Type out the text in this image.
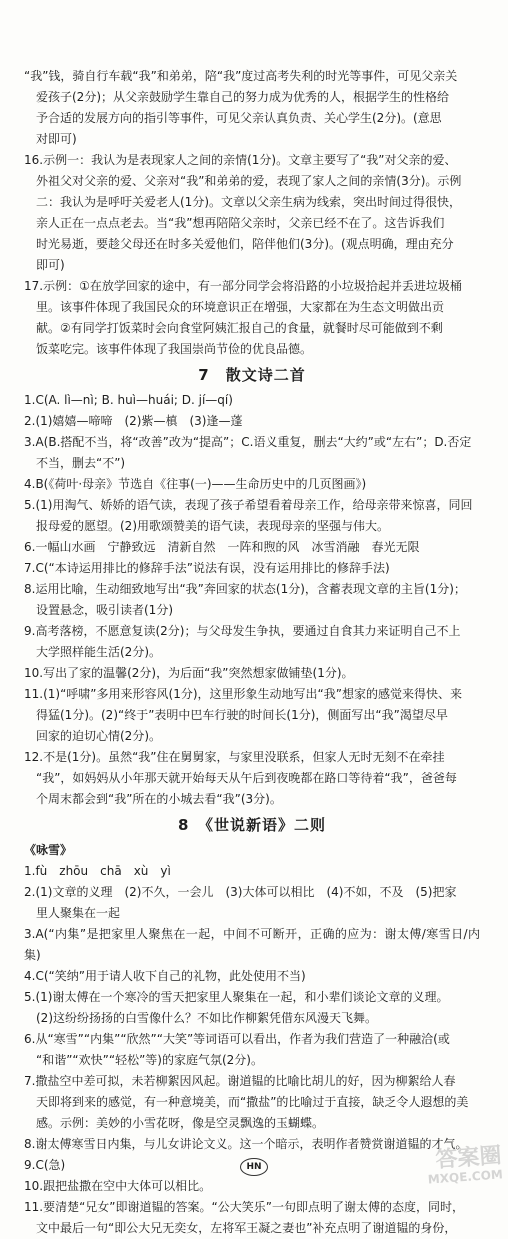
“我”钱，骑自行车载“我”和弟弟，陪“我”度过高考失利的时光等事件，可见父亲关

爱孩子(2分)；从父亲鼓励学生靠自己的努力成为优秀的人，根据学生的性格给

予合适的发展方向的指引等事件，可见父亲认真负责、关心学生(2分)。(意思

对即可)

16.示例一：我认为是表现家人之间的亲情(1分)。文章主要写了“我”对父亲的爱、

外祖父对父亲的爱、父亲对“我”和弟弟的爱，表现了家人之间的亲情(3分)。示例

二：我认为是呼吁关爱老人(1分)。文章以父亲生病为线索，突出时间过得很快，

亲人正在一点点老去。当“我”想再陪陪父亲时，父亲已经不在了。这告诉我们

时光易逝，要趁父母还在时多关爱他们，陪伴他们(3分)。(观点明确，理由充分

即可)

17.示例：①在放学回家的途中，有一部分同学会将沿路的小垃圾拾起并丢进垃圾桶

里。该事件体现了我国民众的环境意识正在增强，大家都在为生态文明做出贡

献。②有同学打饭菜时会向食堂阿姨汇报自己的食量，就餐时尽可能做到不剩

饭菜吃完。该事件体现了我国崇尚节俭的优良品德。

7　散文诗二首

1.C(A. lì—nì; B. huì—huái; D. jí—qí)

2.(1)嬉嬉—啼啼　(2)紫—槙　(3)逢—蓬

3.A(B.搭配不当，将“改善”改为“提高”；C.语义重复，删去“大约”或“左右”；D.否定

不当，删去“不”)

4.B(《荷叶·母亲》节选自《往事(一)——生命历史中的几页图画》)

5.(1)用淘气、娇娇的语气读，表现了孩子希望看着母亲工作，给母亲带来惊喜，同回

报母爱的愿望。(2)用歌颂赞美的语气读，表现母亲的坚强与伟大。

6.一幅山水画　宁静致远　清新自然　一阵和煦的风　冰雪消融　春光无限

7.C(“本诗运用排比的修辞手法”说法有误，没有运用排比的修辞手法)

8.运用比喻，生动细致地写出“我”奔回家的状态(1分)，含蓄表现文章的主旨(1分)；

设置悬念，吸引读者(1分)

9.高考落榜，不愿意复读(2分)；与父母发生争执，要通过自食其力来证明自己不上

大学照样能生活(2分)。

10.写出了家的温馨(2分)，为后面“我”突然想家做铺垫(1分)。

11.(1)“呼啸”多用来形容风(1分)，这里形象生动地写出“我”想家的感觉来得快、来

得猛(1分)。(2)“终于”表明中巴车行驶的时间长(1分)，侧面写出“我”渴望尽早

回家的迫切心情(2分)。

12.不是(1分)。虽然“我”住在舅舅家，与家里没联系，但家人无时无刻不在牵挂

“我”，如妈妈从小年那天就开始每天从午后到夜晚都在路口等待着“我”，爸爸每

个周末都会到“我”所在的小城去看“我”(3分)。

8　《世说新语》二则

《咏雪》

1.fù　zhōu　chā　xù　yì

2.(1)文章的义理　(2)不久，一会儿　(3)大体可以相比　(4)不如，不及　(5)把家

里人聚集在一起

3.A(“内集”是把家里人聚焦在一起，中间不可断开，正确的应为：谢太傅/寒雪日/内集)

4.C(“笑纳”用于请人收下自己的礼物，此处使用不当)

5.(1)谢太傅在一个寒冷的雪天把家里人聚集在一起，和小辈们谈论文章的义理。

(2)这纷纷扬扬的白雪像什么？不如比作柳絮凭借东风漫天飞舞。

6.从“寒雪”“内集”“欣然”“大笑”等词语可以看出，作者为我们营造了一种融洽(或

“和谐”“欢快”“轻松”等)的家庭气氛(2分)。

7.撒盐空中差可拟，未若柳絮因风起。谢道韫的比喻比胡儿的好，因为柳絮给人春

天即将到来的感觉，有一种意境美，而“撒盐”的比喻过于直接，缺乏令人遐想的美

感。示例：美妙的小雪花呀，像是空灵飘逸的玉蝴蝶。

8.谢太傅寒雪日内集，与儿女讲论文义。这一个暗示，表明作者赞赏谢道韫的才气。

9.C(急)

10.跟把盐撒在空中大体可以相比。

11.要清楚“兄女”即谢道韫的答案。“公大笑乐”一句即点明了谢太傅的态度，同时，

文中最后一句“即公大兄无奕女，左将军王凝之妻也”补充点明了谢道韫的身份，

HN	答案圈
MXQE.COM
